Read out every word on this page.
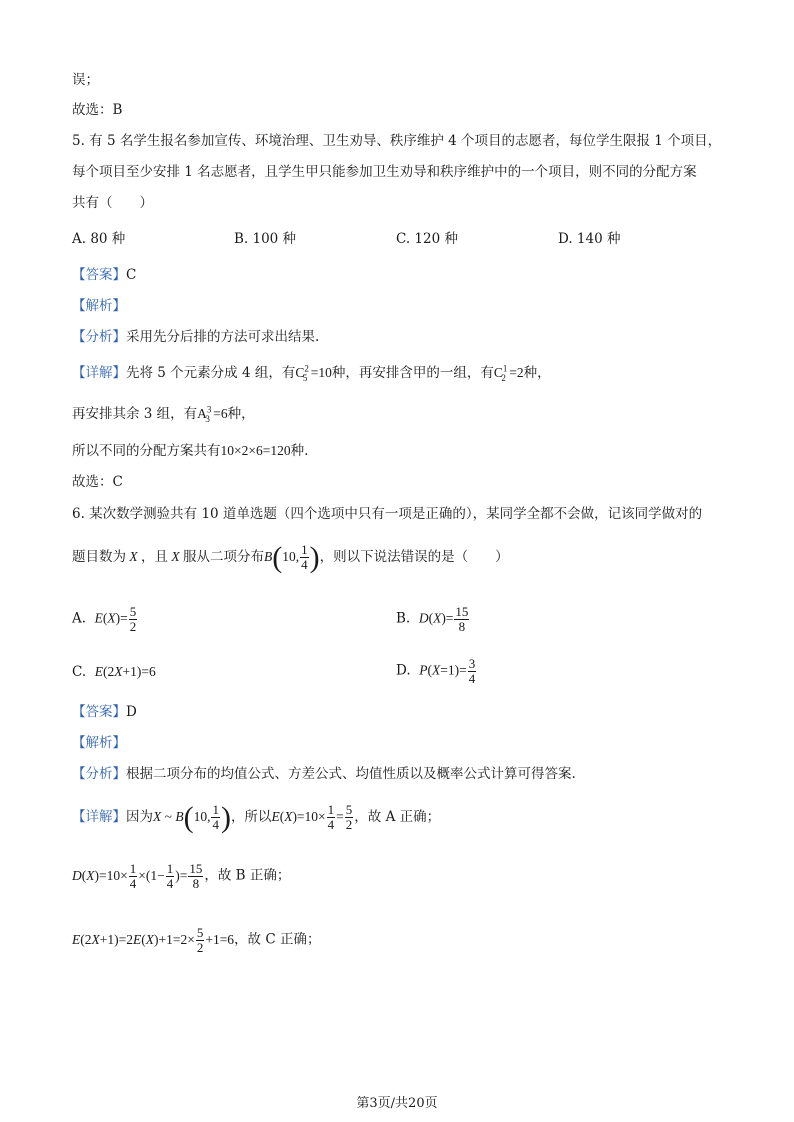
误；
故选：B
5. 有 5 名学生报名参加宣传、环境治理、卫生劝导、秩序维护 4 个项目的志愿者，每位学生限报 1 个项目，
每个项目至少安排 1 名志愿者，且学生甲只能参加卫生劝导和秩序维护中的一个项目，则不同的分配方案
共有（　　）
A. 80 种	B. 100 种	C. 120 种	D. 140 种
【答案】C
【解析】
【分析】采用先分后排的方法可求出结果.
【详解】先将 5 个元素分成 4 组，有$C^2_5 =10$种，再安排含甲的一组，有$C^1_2 =2$种，
再安排其余 3 组，有$A^3_3 =6$种，
所以不同的分配方案共有10×2×6=120种.
故选：C
6. 某次数学测验共有 10 道单选题（四个选项中只有一项是正确的），某同学全都不会做，记该同学做对的
题目数为 X ，且 X 服从二项分布B(10, $\frac{1}{4}$ )，则以下说法错误的是（　　）
A. $E(X)= \frac{5}{2}$	B. $D(X)= \frac{15}{8}$
C. E(2X+1)=6	D. $P(X=1)= \frac{3}{4}$
【答案】D
【解析】
【分析】根据二项分布的均值公式、方差公式、均值性质以及概率公式计算可得答案.
【详解】因为X ~ B(10, $\frac{1}{4}$ )，所以$E(X)=10\times \frac{1}{4} = \frac{5}{2}$ ，故 A 正确；
$D(X)=10\times \frac{1}{4} \times(1- \frac{1}{4}$ )= $\frac{15}{8}$ ，故 B 正确；
$E(2X+1)=2E(X)+1=2\times \frac{5}{2} +1=6$，故 C 正确；
第3页/共20页
